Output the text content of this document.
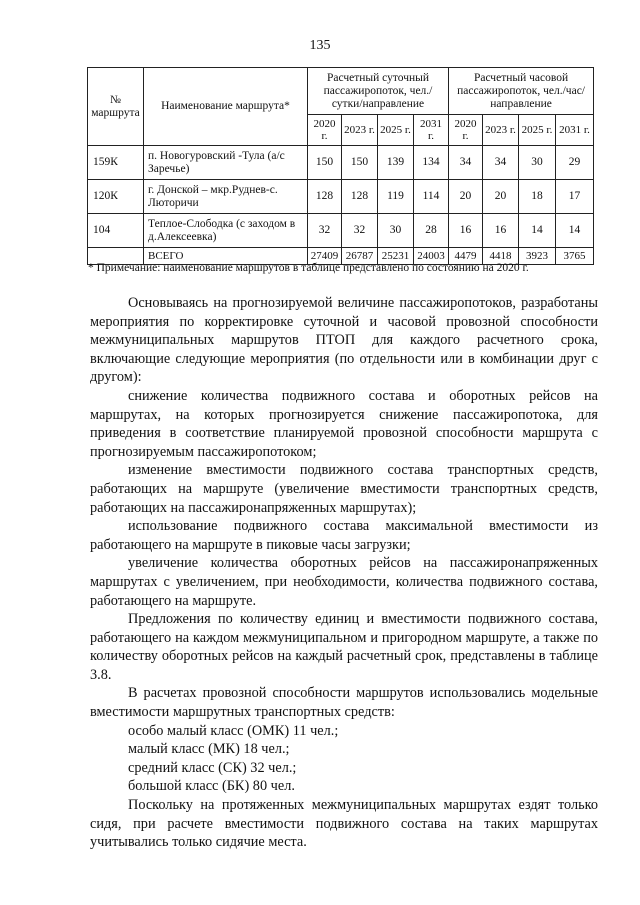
135
№ маршрута	Наименование маршрута*	Расчетный суточный пассажиропоток, чел./сутки/направление				Расчетный часовой пассажиропоток, чел./час/направление			
		2020 г.	2023 г.	2025 г.	2031 г.	2020 г.	2023 г.	2025 г.	2031 г.
159К	п. Новогуровский -Тула (а/с Заречье)	150	150	139	134	34	34	30	29
120К	г. Донской – мкр.Руднев-с. Люторичи	128	128	119	114	20	20	18	17
104	Теплое-Слободка (с заходом в д.Алексеевка)	32	32	30	28	16	16	14	14
	ВСЕГО	27409	26787	25231	24003	4479	4418	3923	3765
* Примечание: наименование маршрутов в таблице представлено по состоянию на 2020 г.

Основываясь на прогнозируемой величине пассажиропотоков, разработаны мероприятия по корректировке суточной и часовой провозной способности межмуниципальных маршрутов ПТОП для каждого расчетного срока, включающие следующие мероприятия (по отдельности или в комбинации друг с другом):

снижение количества подвижного состава и оборотных рейсов на маршрутах, на которых прогнозируется снижение пассажиропотока, для приведения в соответствие планируемой провозной способности маршрута с прогнозируемым пассажиропотоком;

изменение вместимости подвижного состава транспортных средств, работающих на маршруте (увеличение вместимости транспортных средств, работающих на пассажиронапряженных маршрутах);

использование подвижного состава максимальной вместимости из работающего на маршруте в пиковые часы загрузки;

увеличение количества оборотных рейсов на пассажиронапряженных маршрутах с увеличением, при необходимости, количества подвижного состава, работающего на маршруте.

Предложения по количеству единиц и вместимости подвижного состава, работающего на каждом межмуниципальном и пригородном маршруте, а также по количеству оборотных рейсов на каждый расчетный срок, представлены в таблице 3.8.

В расчетах провозной способности маршрутов использовались модельные вместимости маршрутных транспортных средств:

особо малый класс (ОМК) 11 чел.;

малый класс (МК) 18 чел.;

средний класс (СК) 32 чел.;

большой класс (БК) 80 чел.

Поскольку на протяженных межмуниципальных маршрутах ездят только сидя, при расчете вместимости подвижного состава на таких маршрутах учитывались только сидячие места.
